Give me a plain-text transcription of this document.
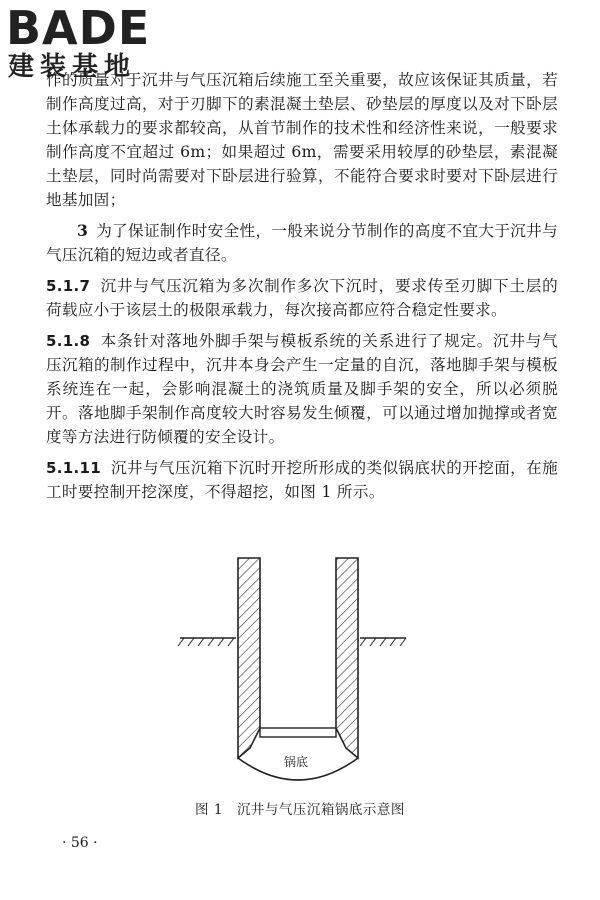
BADE
建装基地

作的质量对于沉井与气压沉箱后续施工至关重要，故应该保证其质量，若制作高度过高，对于刃脚下的素混凝土垫层、砂垫层的厚度以及对下卧层土体承载力的要求都较高，从首节制作的技术性和经济性来说，一般要求制作高度不宜超过 6m；如果超过 6m，需要采用较厚的砂垫层，素混凝土垫层，同时尚需要对下卧层进行验算，不能符合要求时要对下卧层进行地基加固；

3 为了保证制作时安全性，一般来说分节制作的高度不宜大于沉井与气压沉箱的短边或者直径。

5.1.7 沉井与气压沉箱为多次制作多次下沉时，要求传至刃脚下土层的荷载应小于该层土的极限承载力，每次接高都应符合稳定性要求。

5.1.8 本条针对落地外脚手架与模板系统的关系进行了规定。沉井与气压沉箱的制作过程中，沉井本身会产生一定量的自沉，落地脚手架与模板系统连在一起，会影响混凝土的浇筑质量及脚手架的安全，所以必须脱开。落地脚手架制作高度较大时容易发生倾覆，可以通过增加抛撑或者宽度等方法进行防倾覆的安全设计。

5.1.11 沉井与气压沉箱下沉时开挖所形成的类似锅底状的开挖面，在施工时要控制开挖深度，不得超挖，如图 1 所示。

锅底
图 1 沉井与气压沉箱锅底示意图
· 56 ·
